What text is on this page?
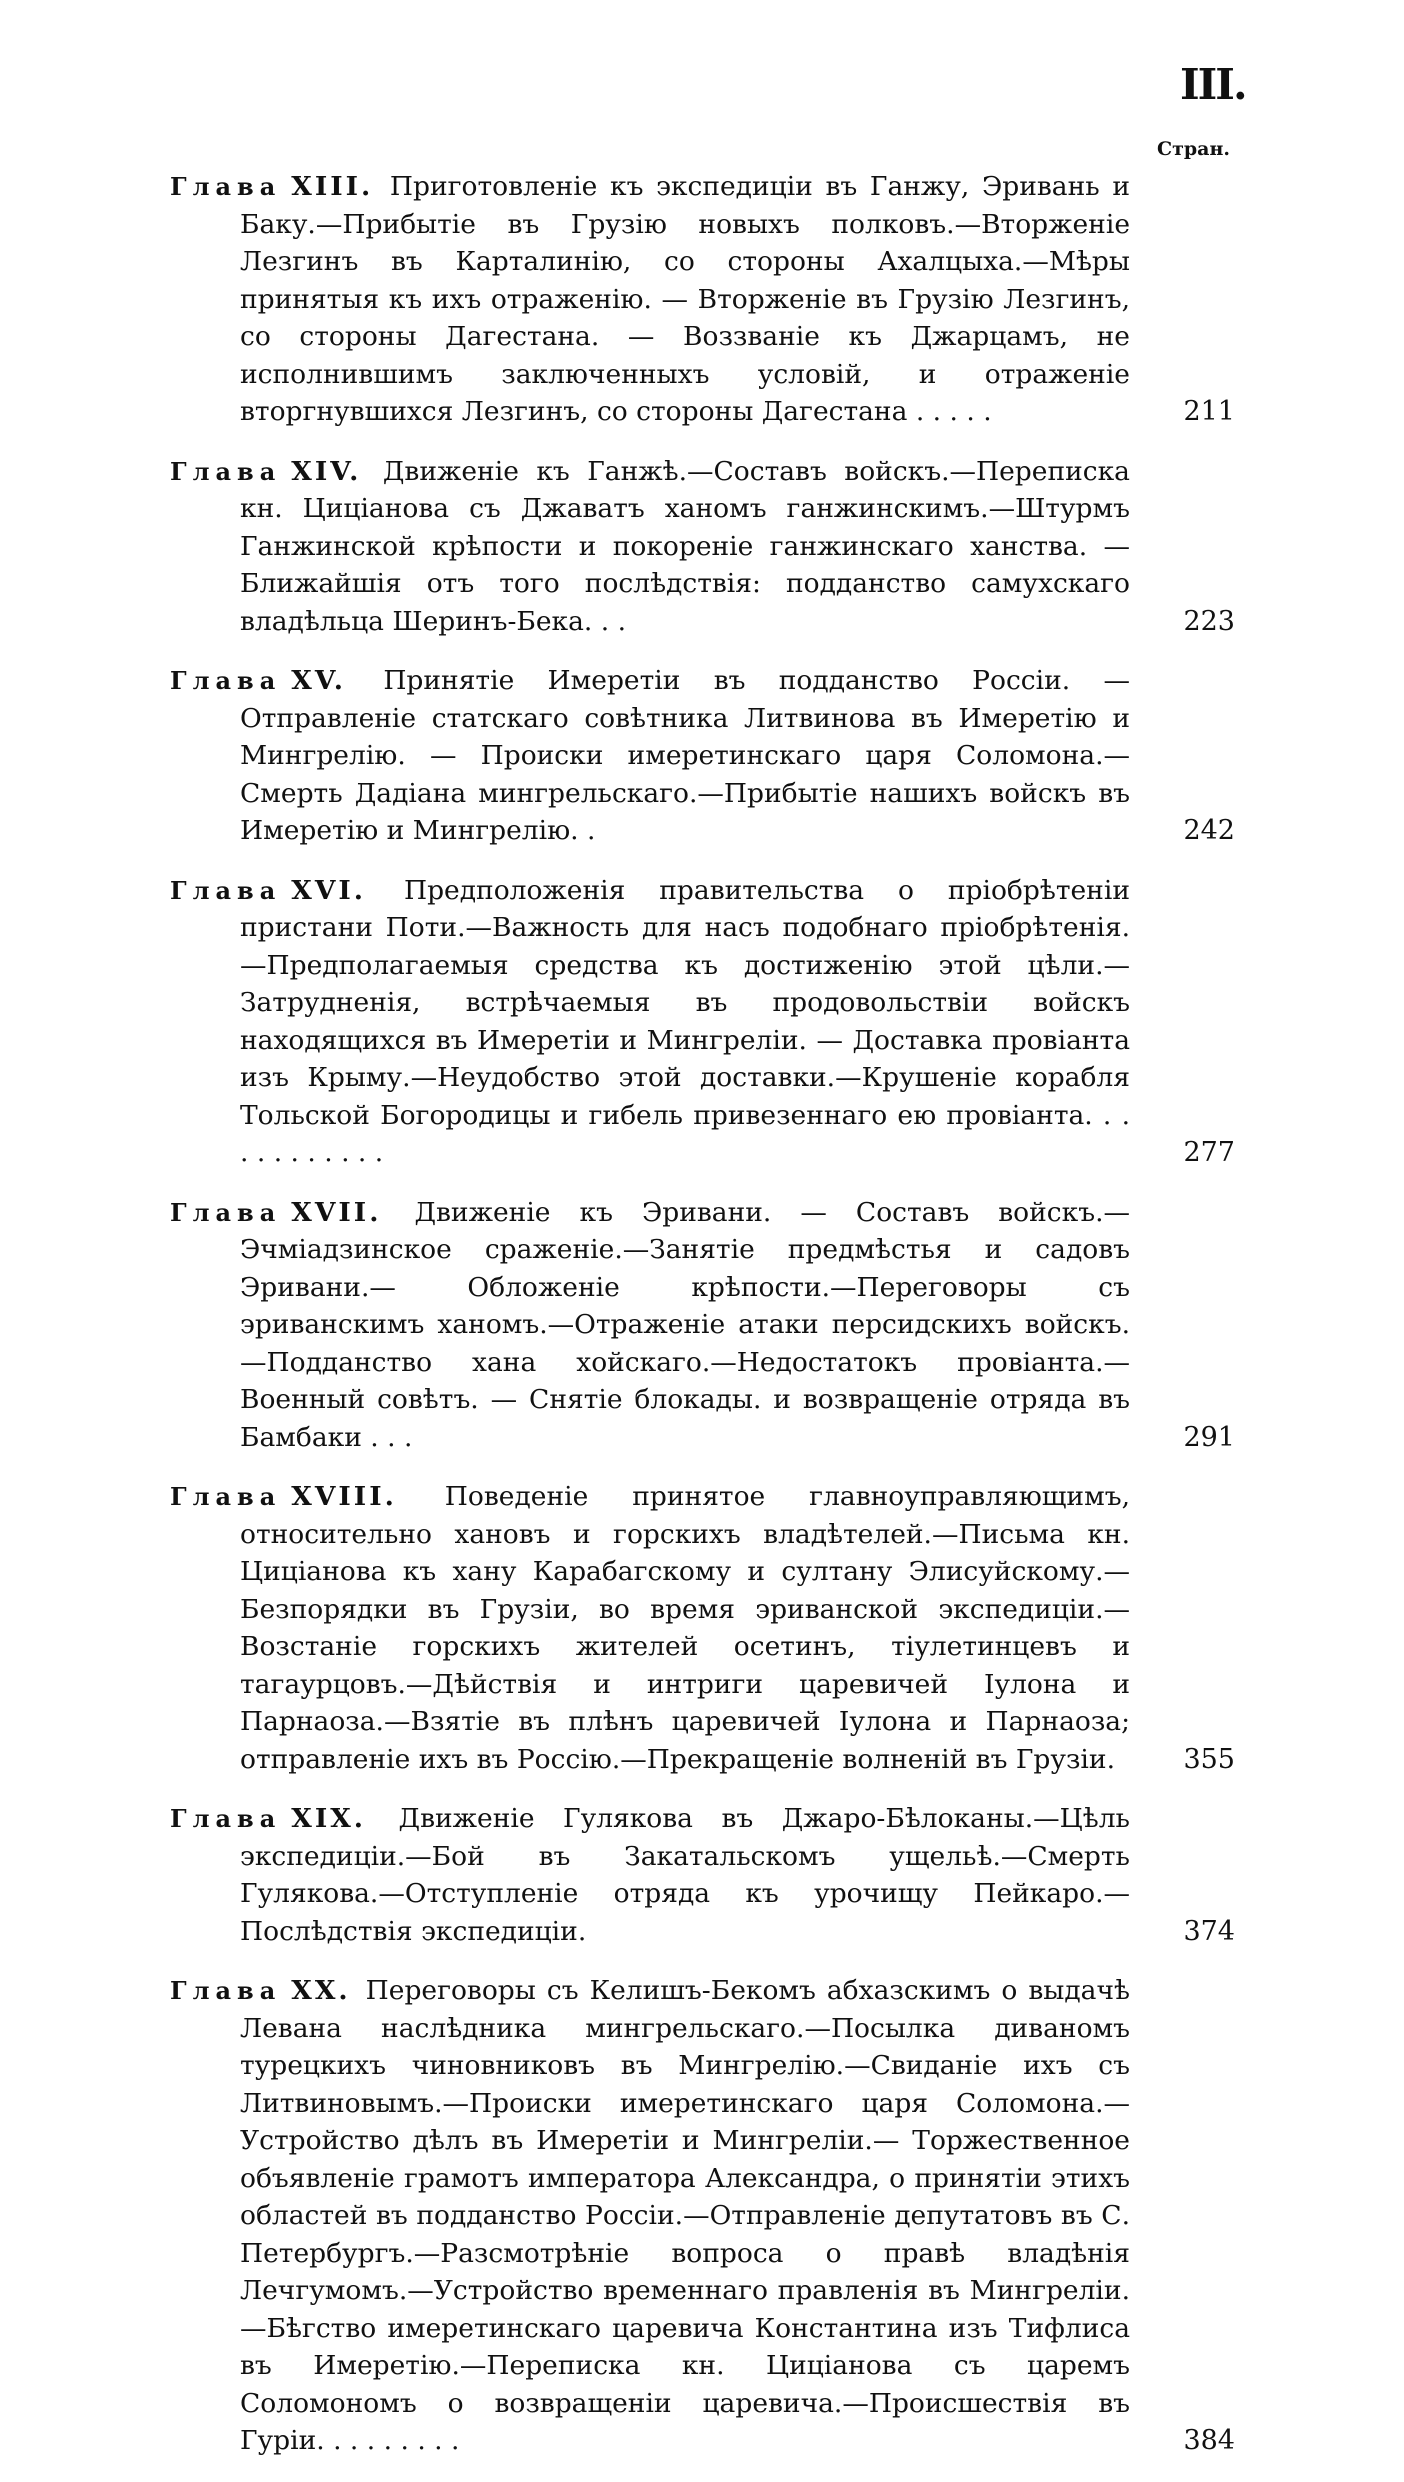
III.
Стран.
Глава XIII. Приготовленіе къ экспедиціи въ Ганжу, Эривань и Баку.—Прибытіе въ Грузію новыхъ полковъ.—Вторженіе Лезгинъ въ Карталинію, со стороны Ахалцыха.—Мѣры принятыя къ ихъ отраженію. — Вторженіе въ Грузію Лезгинъ, со стороны Дагестана. — Воззваніе къ Джарцамъ, не исполнившимъ заключенныхъ условій, и отраженіе вторгнувшихся Лезгинъ, со стороны Дагестана . . . . .	211
Глава XIV. Движеніе къ Ганжѣ.—Составъ войскъ.—Переписка кн. Цицiанова съ Джаватъ ханомъ ганжинскимъ.—Штурмъ Ганжинской крѣпости и покореніе ганжинскаго ханства. — Ближайшія отъ того послѣдствія: подданство самухскаго владѣльца Шеринъ-Бека. . .	223
Глава XV. Принятіе Имеретіи въ подданство Россіи. — Отправленіе статскаго совѣтника Литвинова въ Имеретію и Мингрелію. — Происки имеретинскаго царя Соломона.—Смерть Дадіана мингрельскаго.—Прибытіе нашихъ войскъ въ Имеретію и Мингрелію. .	242
Глава XVI. Предположенія правительства о пріобрѣтеніи пристани Поти.—Важность для насъ подобнаго пріобрѣтенія.—Предполагаемыя средства къ достиженію этой цѣли.—Затрудненія, встрѣчаемыя въ продовольствіи войскъ находящихся въ Имеретіи и Мингреліи. — Доставка провіанта изъ Крыму.—Неудобство этой доставки.—Крушеніе корабля Тольской Богородицы и гибель привезеннаго ею провіанта. . . . . . . . . . . .	277
Глава XVII. Движеніе къ Эривани. — Составъ войскъ.—Эчміадзинское сраженіе.—Занятіе предмѣстья и садовъ Эривани.— Обложеніе крѣпости.—Переговоры съ эриванскимъ ханомъ.—Отраженіе атаки персидскихъ войскъ.—Подданство хана хойскаго.—Недостатокъ провіанта.—Военный совѣтъ. — Снятіе блокады. и возвращеніе отряда въ Бамбаки . . .	291
Глава XVIII. Поведеніе принятое главноуправляющимъ, относительно хановъ и горскихъ владѣтелей.—Письма кн. Цицiанова къ хану Карабагскому и султану Элисуйскому.—Безпорядки въ Грузіи, во время эриванской экспедиціи.—Возстаніе горскихъ жителей осетинъ, тіулетинцевъ и тагаурцовъ.—Дѣйствія и интриги царевичей Іулона и Парнаоза.—Взятіе въ плѣнъ царевичей Іулона и Парнаоза; отправленіе ихъ въ Россію.—Прекращеніе волненій въ Грузіи.	355
Глава XIX. Движеніе Гулякова въ Джаро-Бѣлоканы.—Цѣль экспедиціи.—Бой въ Закатальскомъ ущельѣ.—Смерть Гулякова.—Отступленіе отряда къ урочищу Пейкаро.—Послѣдствія экспедиціи.	374
Глава XX. Переговоры съ Келишъ-Бекомъ абхазскимъ о выдачѣ Левана наслѣдника мингрельскаго.—Посылка диваномъ турецкихъ чиновниковъ въ Мингрелію.—Свиданіе ихъ съ Литвиновымъ.—Происки имеретинскаго царя Соломона.—Устройство дѣлъ въ Имеретіи и Мингреліи.— Торжественное объявленіе грамотъ императора Александра, о принятіи этихъ областей въ подданство Россіи.—Отправленіе депутатовъ въ С. Петербургъ.—Разсмотрѣніе вопроса о правѣ владѣнія Лечгумомъ.—Устройство временнаго правленія въ Мингреліи.—Бѣгство имеретинскаго царевича Константина изъ Тифлиса въ Имеретію.—Переписка кн. Цицiанова съ царемъ Соломономъ о возвращеніи царевича.—Происшествія въ Гуріи. . . . . . . . .	384
